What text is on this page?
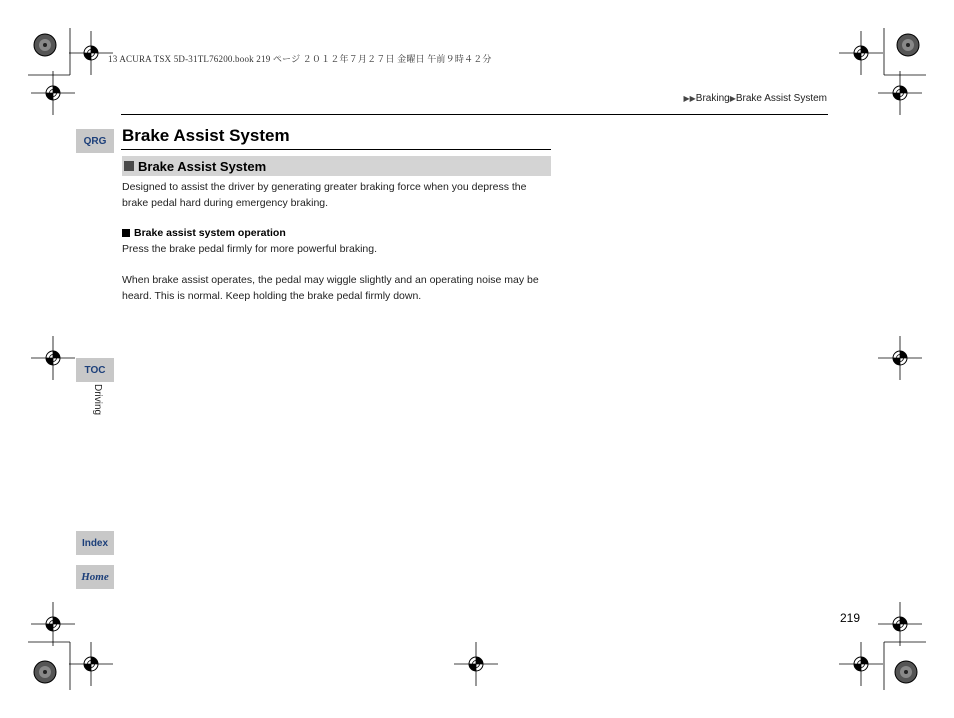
13 ACURA TSX 5D-31TL76200.book 219 ページ ２０１２年７月２７日 金曜日 午前９時４２分
▶▶Braking▶Brake Assist System
QRG
TOC
Driving
Index
Home
Brake Assist System
Brake Assist System
Designed to assist the driver by generating greater braking force when you depress the brake pedal hard during emergency braking.
Brake assist system operation
Press the brake pedal firmly for more powerful braking.
When brake assist operates, the pedal may wiggle slightly and an operating noise may be heard. This is normal. Keep holding the brake pedal firmly down.
219
